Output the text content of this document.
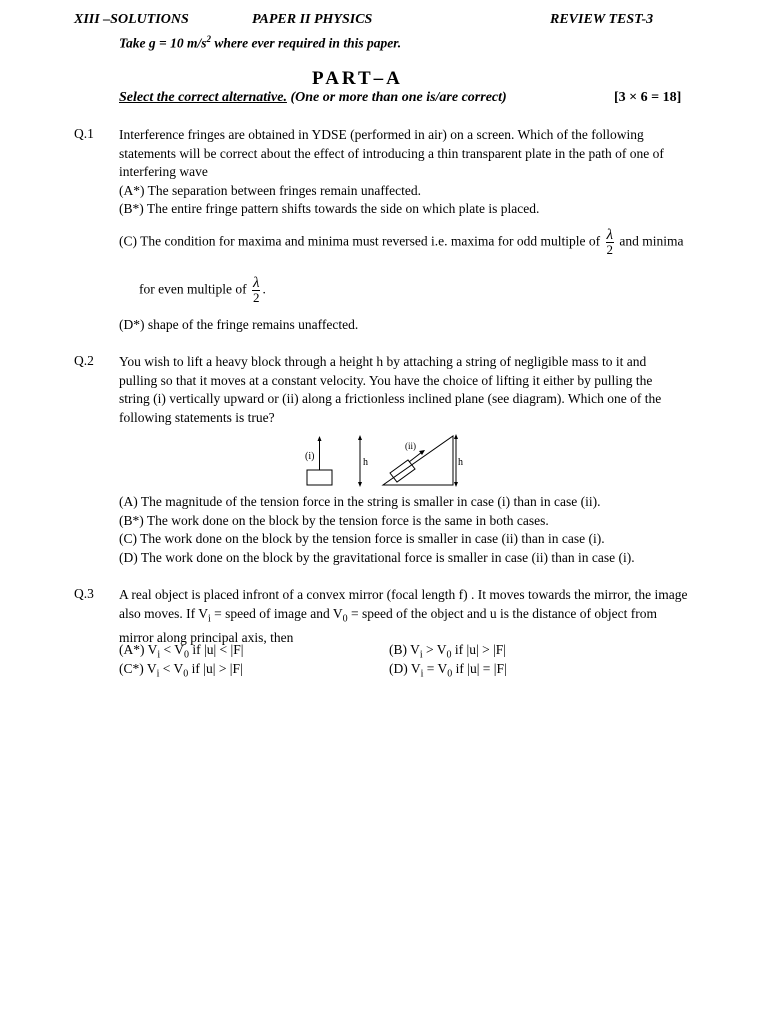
XIII –SOLUTIONS	PAPER II PHYSICS	REVIEW TEST-3
Take g = 10 $m/s^2$ where ever required in this paper.
PART–A
Select the correct alternative. (One or more than one is/are correct)	[3 × 6 = 18]
Q.1 Interference fringes are obtained in YDSE (performed in air) on a screen. Which of the following
statements will be correct about the effect of introducing a thin transparent plate in the path of one of
interfering wave
(A*) The separation between fringes remain unaffected.
(B*) The entire fringe pattern shifts towards the side on which plate is placed.
(C) The condition for maxima and minima must reversed i.e. maxima for odd multiple of $\frac{\lambda}{2}$ and minima
for even multiple of $\frac{\lambda}{2}$ .
(D*) shape of the fringe remains unaffected.
Q.2 You wish to lift a heavy block through a height h by attaching a string of negligible mass to it and
pulling so that it moves at a constant velocity. You have the choice of lifting it either by pulling the
string (i) vertically upward or (ii) along a frictionless inclined plane (see diagram). Which one of the
following statements is true?
(i)
h
(ii)
h
(A) The magnitude of the tension force in the string is smaller in case (i) than in case (ii).
(B*) The work done on the block by the tension force is the same in both cases.
(C) The work done on the block by the tension force is smaller in case (ii) than in case (i).
(D) The work done on the block by the gravitational force is smaller in case (ii) than in case (i).
Q.3 A real object is placed infront of a convex mirror (focal length f) . It moves towards the mirror, the image
also moves. If $V_i$ = speed of image and $V_0$ = speed of the object and u is the distance of object from
mirror along principal axis, then
(A*) $V_i < V_0$ if |u| < |F|	(B) $V_i > V_0$ if |u| > |F|
(C*) $V_i < V_0$ if |u| > |F|	(D) $V_i = V_0$ if |u| = |F|
